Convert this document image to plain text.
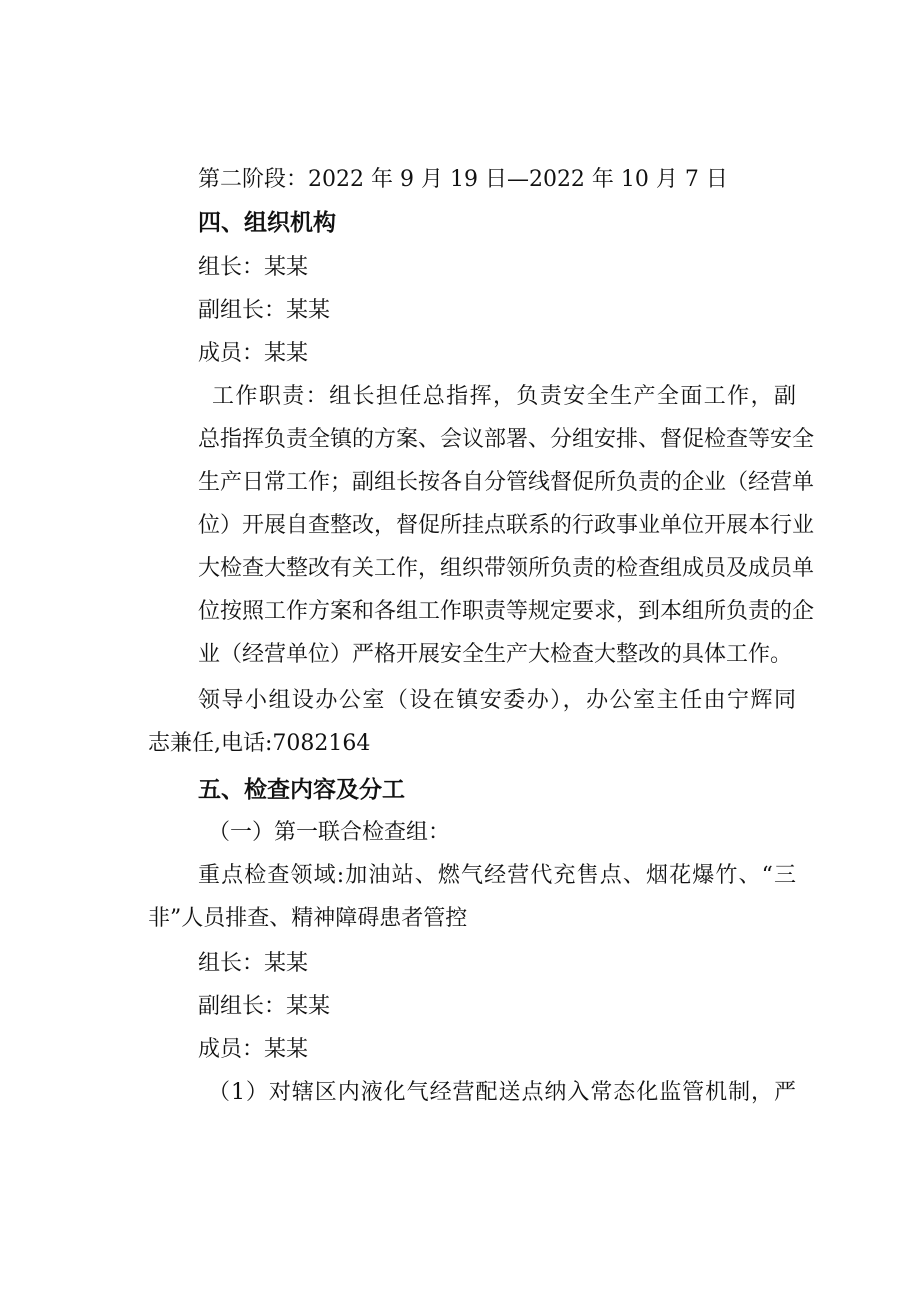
第二阶段：2022 年 9 月 19 日—2022 年 10 月 7 日

四、组织机构

组长：某某

副组长：某某

成员：某某

工作职责：组长担任总指挥，负责安全生产全面工作，副

总指挥负责全镇的方案、会议部署、分组安排、督促检查等安全

生产日常工作；副组长按各自分管线督促所负责的企业（经营单

位）开展自查整改，督促所挂点联系的行政事业单位开展本行业

大检查大整改有关工作，组织带领所负责的检查组成员及成员单

位按照工作方案和各组工作职责等规定要求，到本组所负责的企

业（经营单位）严格开展安全生产大检查大整改的具体工作。

领导小组设办公室（设在镇安委办），办公室主任由宁辉同

志兼任,电话:7082164

五、检查内容及分工

（一）第一联合检查组：

重点检查领域:加油站、燃气经营代充售点、烟花爆竹、“三

非”人员排查、精神障碍患者管控

组长：某某

副组长：某某

成员：某某

（1）对辖区内液化气经营配送点纳入常态化监管机制，严
